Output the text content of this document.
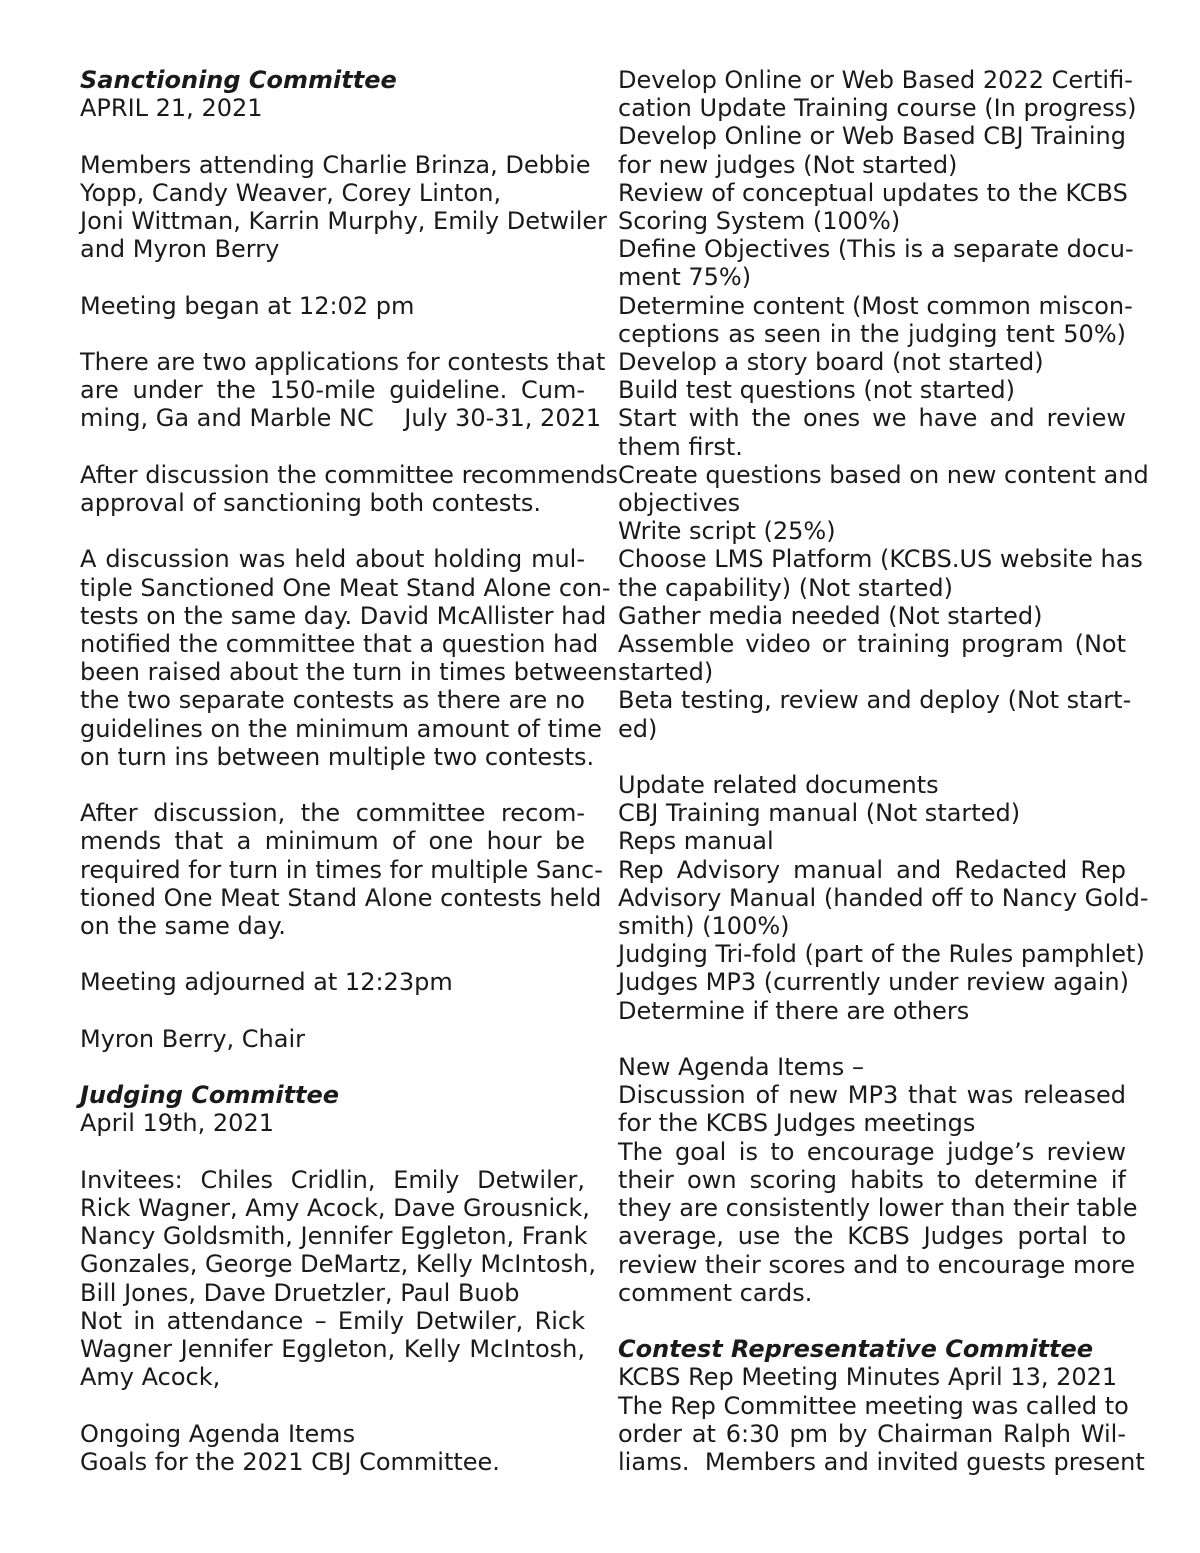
Sanctioning Committee
APRIL 21, 2021
Members attending Charlie Brinza, Debbie
Yopp, Candy Weaver, Corey Linton,
Joni Wittman, Karrin Murphy, Emily Detwiler
and Myron Berry
Meeting began at 12:02 pm
There are two applications for contests that
are under the 150-mile guideline. Cum-
ming, Ga and Marble NC    July 30-31, 2021
After discussion the committee recommends
approval of sanctioning both contests.
A discussion was held about holding mul-
tiple Sanctioned One Meat Stand Alone con-
tests on the same day. David McAllister had
notified the committee that a question had
been raised about the turn in times between
the two separate contests as there are no
guidelines on the minimum amount of time
on turn ins between multiple two contests.
After discussion, the committee recom-
mends that a minimum of one hour be
required for turn in times for multiple Sanc-
tioned One Meat Stand Alone contests held
on the same day.
Meeting adjourned at 12:23pm
Myron Berry, Chair
Judging Committee
April 19th, 2021
Invitees: Chiles Cridlin, Emily Detwiler,
Rick Wagner, Amy Acock, Dave Grousnick,
Nancy Goldsmith, Jennifer Eggleton, Frank
Gonzales, George DeMartz, Kelly McIntosh,
Bill Jones, Dave Druetzler, Paul Buob
Not in attendance – Emily Detwiler, Rick
Wagner Jennifer Eggleton, Kelly McIntosh,
Amy Acock,
Ongoing Agenda Items
Goals for the 2021 CBJ Committee.
Develop Online or Web Based 2022 Certifi-
cation Update Training course (In progress)
Develop Online or Web Based CBJ Training
for new judges (Not started)
Review of conceptual updates to the KCBS
Scoring System (100%)
Define Objectives (This is a separate docu-
ment 75%)
Determine content (Most common miscon-
ceptions as seen in the judging tent 50%)
Develop a story board (not started)
Build test questions (not started)
Start with the ones we have and review
them first.
Create questions based on new content and
objectives
Write script (25%)
Choose LMS Platform (KCBS.US website has
the capability) (Not started)
Gather media needed (Not started)
Assemble video or training program (Not
started)
Beta testing, review and deploy (Not start-
ed)
Update related documents
CBJ Training manual (Not started)
Reps manual
Rep Advisory manual and Redacted Rep
Advisory Manual (handed off to Nancy Gold-
smith) (100%)
Judging Tri-fold (part of the Rules pamphlet)
Judges MP3 (currently under review again)
Determine if there are others
New Agenda Items –
Discussion of new MP3 that was released
for the KCBS Judges meetings
The goal is to encourage judge’s review
their own scoring habits to determine if
they are consistently lower than their table
average, use the KCBS Judges portal to
review their scores and to encourage more
comment cards.
Contest Representative Committee
KCBS Rep Meeting Minutes April 13, 2021
The Rep Committee meeting was called to
order at 6:30 pm by Chairman Ralph Wil-
liams.  Members and invited guests present
